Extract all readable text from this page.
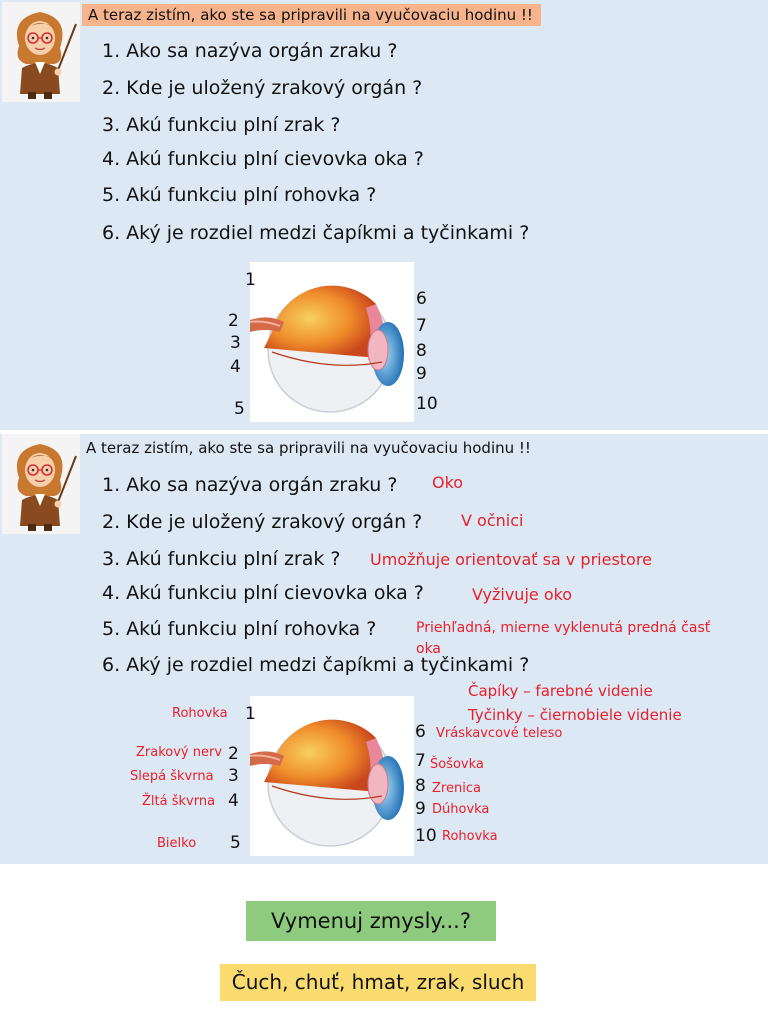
A teraz zistím, ako ste sa pripravili na vyučovaciu hodinu !!
1. Ako sa nazýva orgán zraku ?
2. Kde je uložený zrakový orgán ?
3. Akú funkciu plní zrak ?
4. Akú funkciu plní cievovka oka ?
5. Akú funkciu plní rohovka ?
6. Aký je rozdiel medzi čapíkmi a tyčinkami ?
1
2
3
4
5
6
7
8
9
10
A teraz zistím, ako ste sa pripravili na vyučovaciu hodinu !!
1. Ako sa nazýva orgán zraku ?
2. Kde je uložený zrakový orgán ?
3. Akú funkciu plní zrak ?
4. Akú funkciu plní cievovka oka ?
5. Akú funkciu plní rohovka ?
6. Aký je rozdiel medzi čapíkmi a tyčinkami ?
Oko
V očnici
Umožňuje orientovať sa v priestore
Vyživuje oko
Priehľadná, mierne vyklenutá predná časť
oka
Čapíky – farebné videnie
Tyčinky – čiernobiele videnie
1
2
3
4
5
6
7
8
9
10
Rohovka
Zrakový nerv
Slepá škvrna
Žltá škvrna
Bielko
Vráskavcové teleso
Šošovka
Zrenica
Dúhovka
Rohovka
Vymenuj zmysly...?
Čuch, chuť, hmat, zrak, sluch
